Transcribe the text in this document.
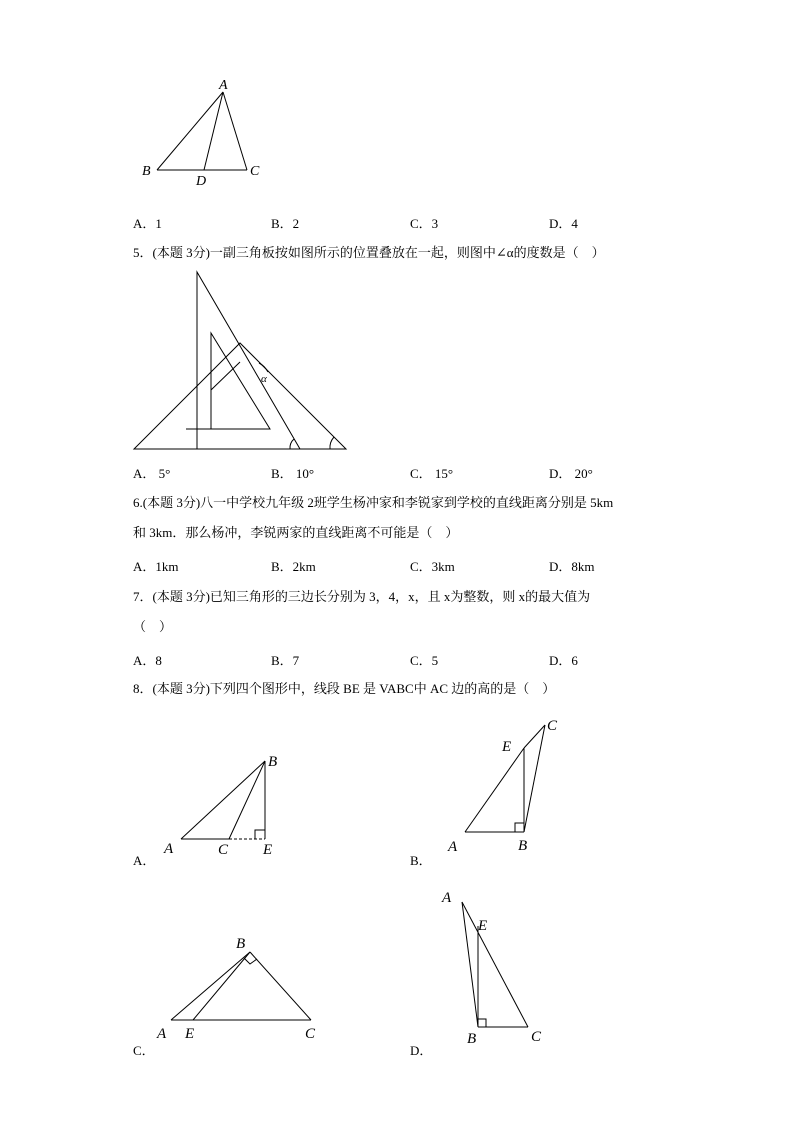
A
B
D
C
A．1	B．2	C．3	D．4
5．(本题 3分)一副三角板按如图所示的位置叠放在一起，则图中∠α的度数是（　）
α
A． 5°	B． 10°	C． 15°	D． 20°
6.(本题 3分)八一中学校九年级 2班学生杨冲家和李锐家到学校的直线距离分别是 5km
和 3km．那么杨冲，李锐两家的直线距离不可能是（　）
A．1km	B．2km	C．3km	D．8km
7．(本题 3分)已知三角形的三边长分别为 3，4，x，且 x为整数，则 x的最大值为
（　）
A．8	B．7	C．5	D．6
8．(本题 3分)下列四个图形中，线段 BE 是 VABC中 AC 边的高的是（　）
A	C E
B
A．
A	B
E
C
B．
A E
B
C
C．
A
E
B	C
D．
